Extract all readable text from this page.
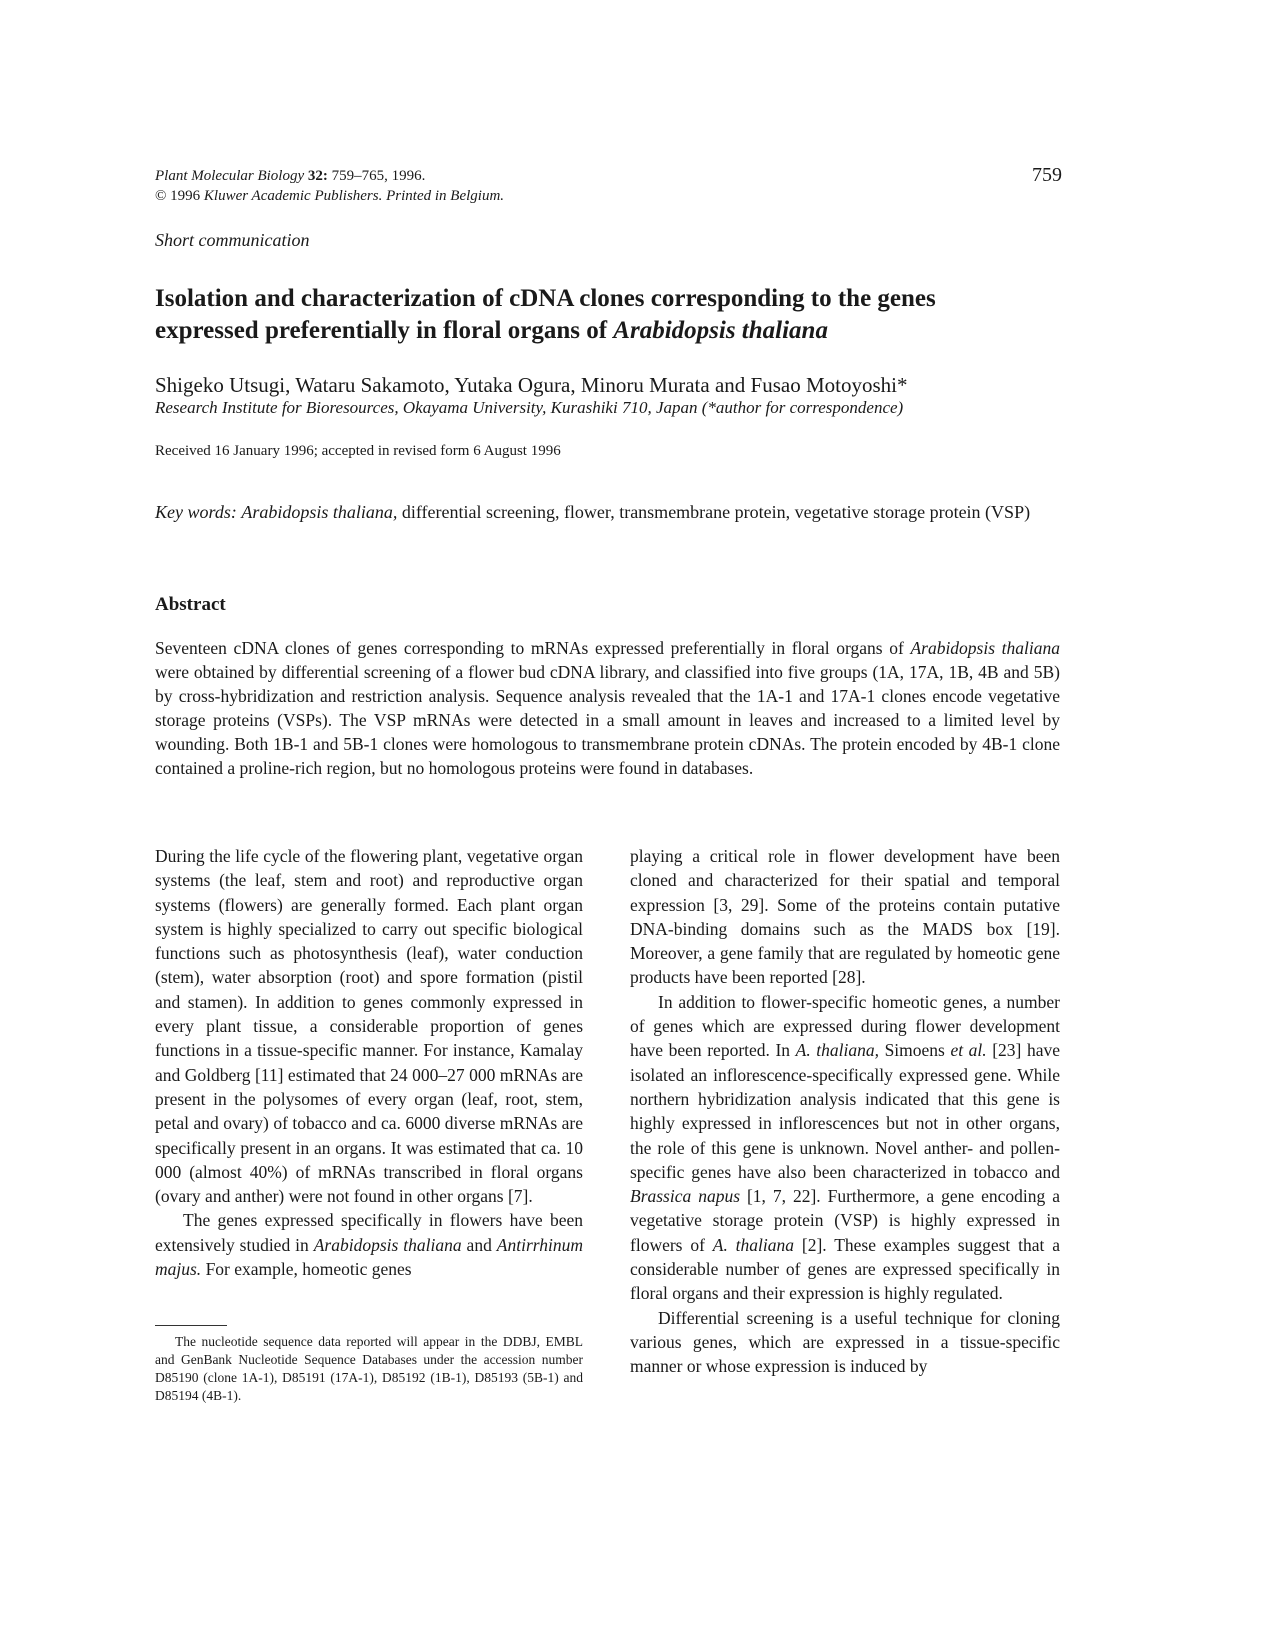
Plant Molecular Biology 32: 759–765, 1996.
© 1996 Kluwer Academic Publishers. Printed in Belgium.
759
Short communication
Isolation and characterization of cDNA clones corresponding to the genes
expressed preferentially in floral organs of Arabidopsis thaliana
Shigeko Utsugi, Wataru Sakamoto, Yutaka Ogura, Minoru Murata and Fusao Motoyoshi*
Research Institute for Bioresources, Okayama University, Kurashiki 710, Japan (*author for correspondence)
Received 16 January 1996; accepted in revised form 6 August 1996
Key words: Arabidopsis thaliana, differential screening, flower, transmembrane protein, vegetative storage protein (VSP)
Abstract
Seventeen cDNA clones of genes corresponding to mRNAs expressed preferentially in floral organs of Arabidopsis thaliana were obtained by differential screening of a flower bud cDNA library, and classified into five groups (1A, 17A, 1B, 4B and 5B) by cross-hybridization and restriction analysis. Sequence analysis revealed that the 1A-1 and 17A-1 clones encode vegetative storage proteins (VSPs). The VSP mRNAs were detected in a small amount in leaves and increased to a limited level by wounding. Both 1B-1 and 5B-1 clones were homologous to transmembrane protein cDNAs. The protein encoded by 4B-1 clone contained a proline-rich region, but no homologous proteins were found in databases.

During the life cycle of the flowering plant, vegetative organ systems (the leaf, stem and root) and reproductive organ systems (flowers) are generally formed. Each plant organ system is highly specialized to carry out specific biological functions such as photosynthesis (leaf), water conduction (stem), water absorption (root) and spore formation (pistil and stamen). In addition to genes commonly expressed in every plant tissue, a considerable proportion of genes functions in a tissue-specific manner. For instance, Kamalay and Goldberg [11] estimated that 24 000–27 000 mRNAs are present in the polysomes of every organ (leaf, root, stem, petal and ovary) of tobacco and ca. 6000 diverse mRNAs are specifically present in an organs. It was estimated that ca. 10 000 (almost 40%) of mRNAs transcribed in floral organs (ovary and anther) were not found in other organs [7].

The genes expressed specifically in flowers have been extensively studied in Arabidopsis thaliana and Antirrhinum majus. For example, homeotic genes

The nucleotide sequence data reported will appear in the DDBJ, EMBL and GenBank Nucleotide Sequence Databases under the accession number D85190 (clone 1A-1), D85191 (17A-1), D85192 (1B-1), D85193 (5B-1) and D85194 (4B-1).

playing a critical role in flower development have been cloned and characterized for their spatial and temporal expression [3, 29]. Some of the proteins contain putative DNA-binding domains such as the MADS box [19]. Moreover, a gene family that are regulated by homeotic gene products have been reported [28].

In addition to flower-specific homeotic genes, a number of genes which are expressed during flower development have been reported. In A. thaliana, Simoens et al. [23] have isolated an inflorescence-specifically expressed gene. While northern hybridization analysis indicated that this gene is highly expressed in inflorescences but not in other organs, the role of this gene is unknown. Novel anther- and pollen-specific genes have also been characterized in tobacco and Brassica napus [1, 7, 22]. Furthermore, a gene encoding a vegetative storage protein (VSP) is highly expressed in flowers of A. thaliana [2]. These examples suggest that a considerable number of genes are expressed specifically in floral organs and their expression is highly regulated.

Differential screening is a useful technique for cloning various genes, which are expressed in a tissue-specific manner or whose expression is induced by
